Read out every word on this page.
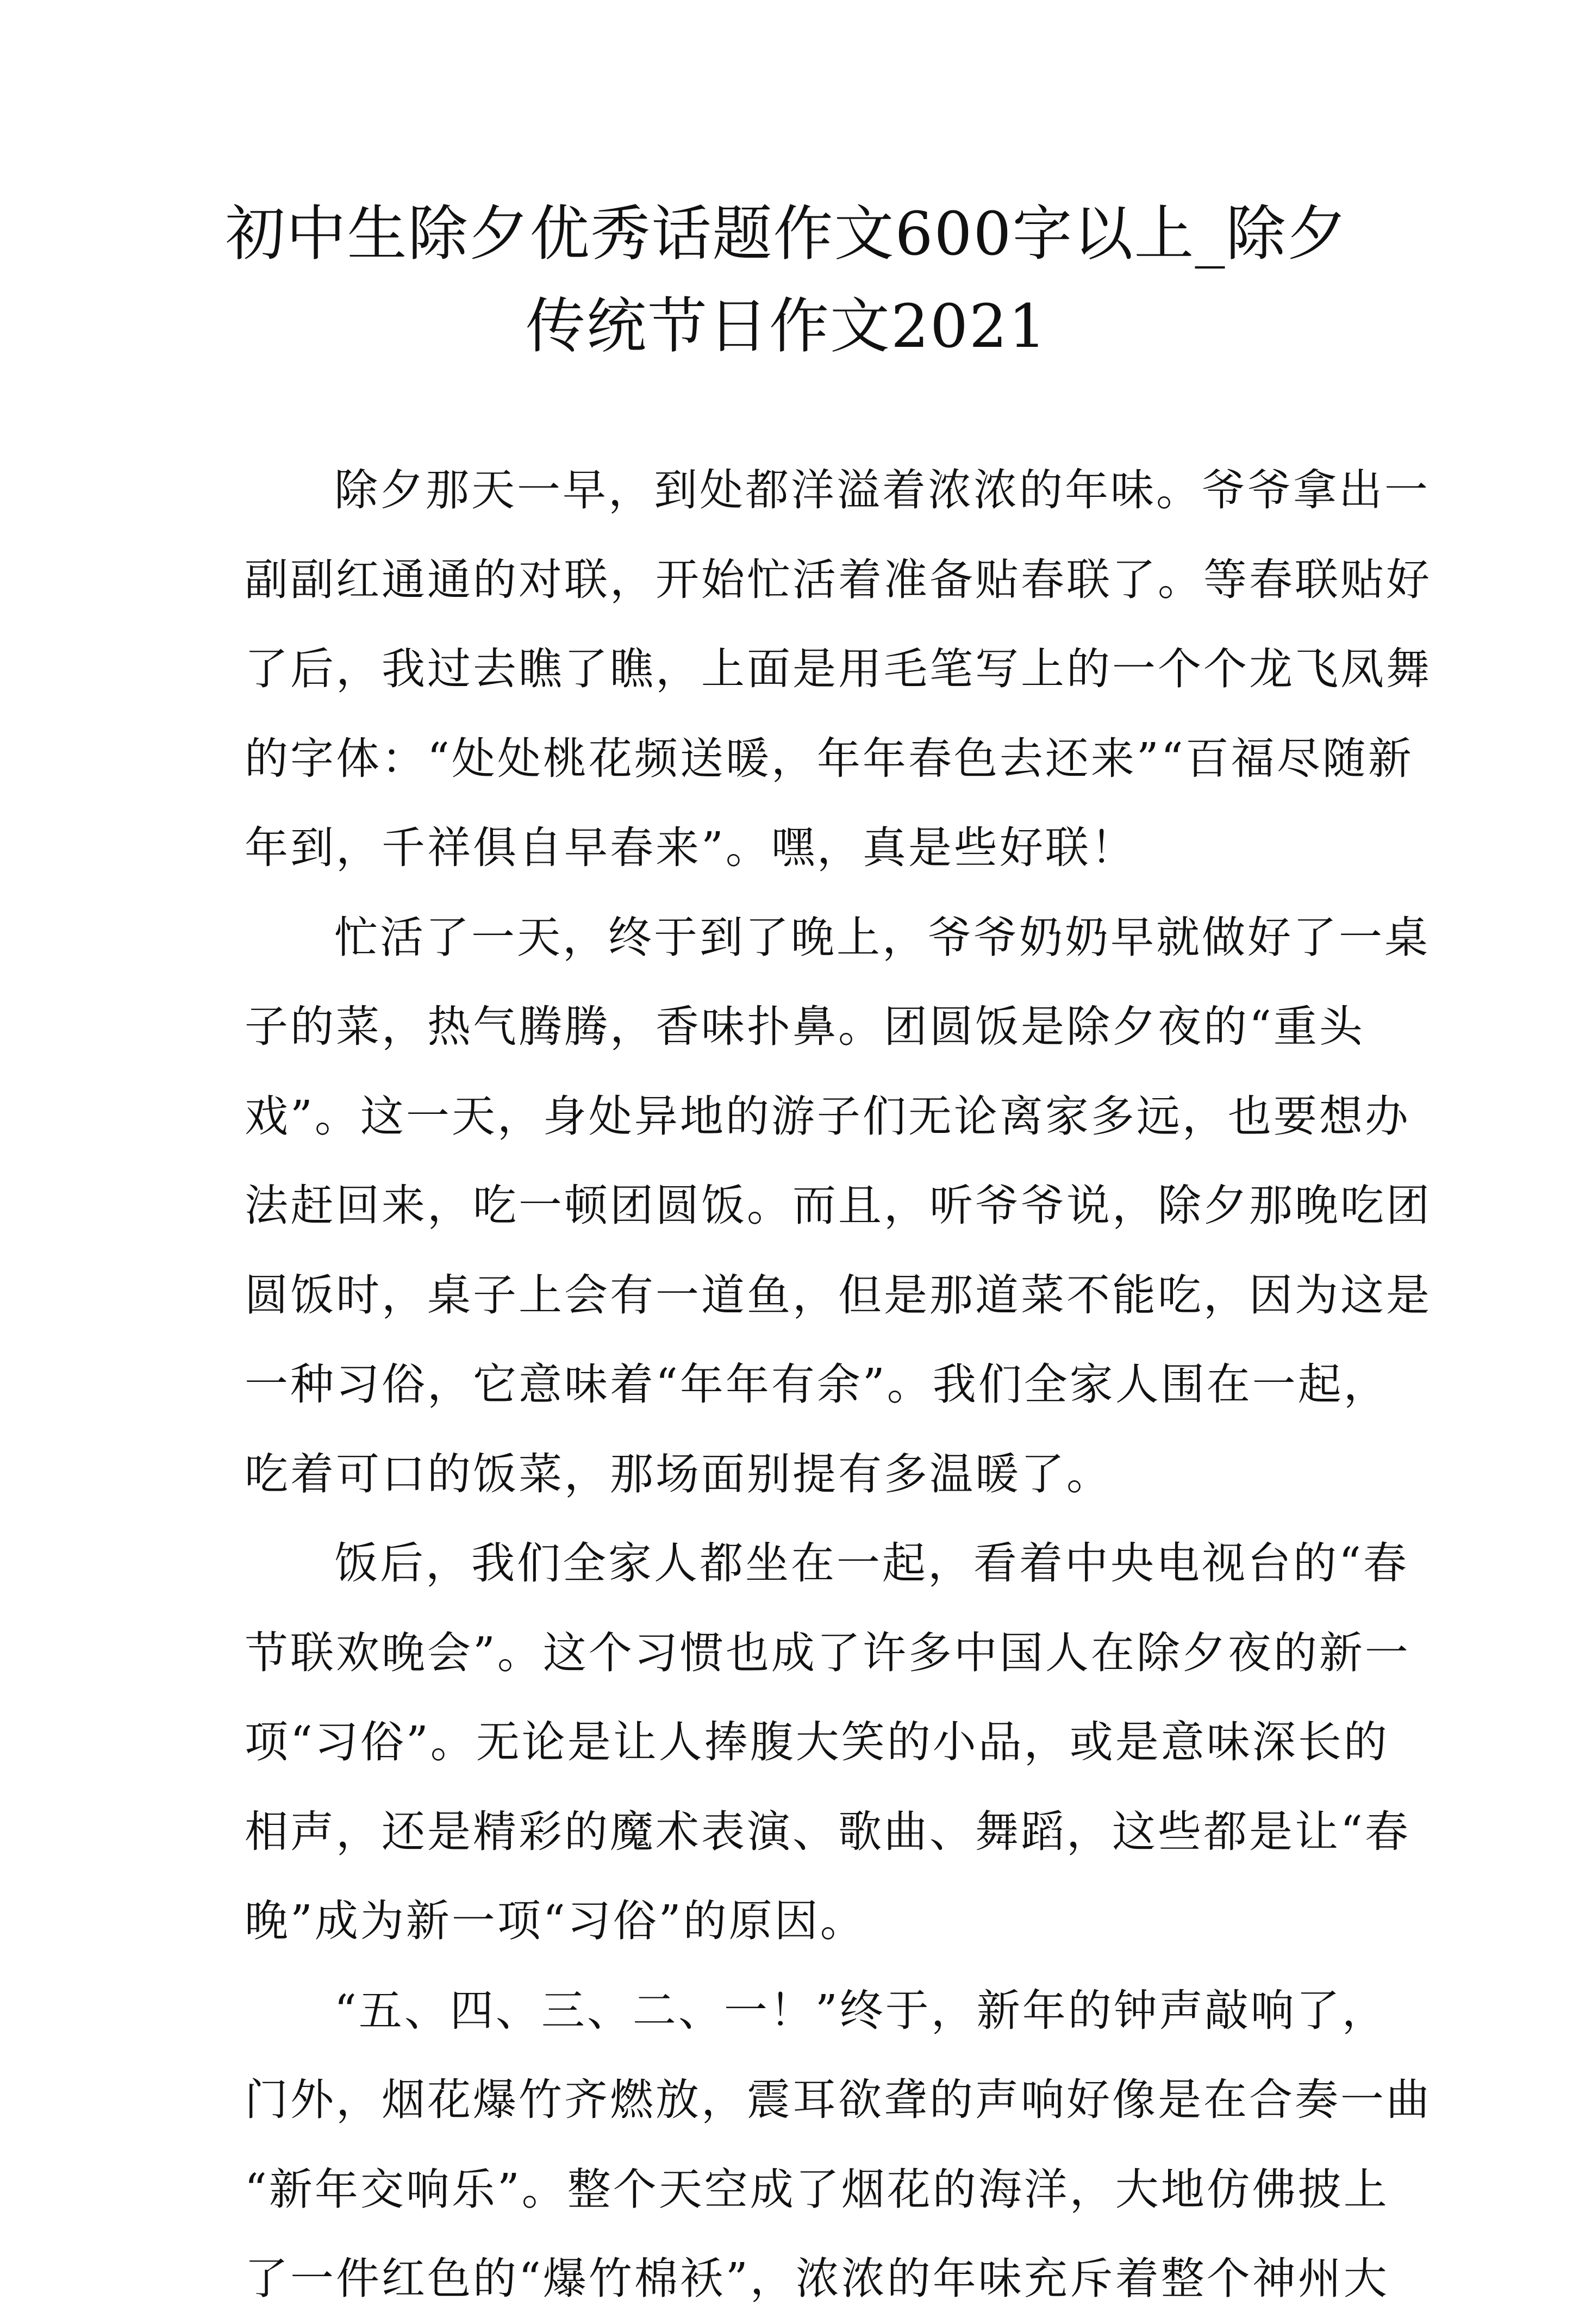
初中生除夕优秀话题作文600字以上_除夕
传统节日作文2021
除夕那天一早，到处都洋溢着浓浓的年味。爷爷拿出一
副副红通通的对联，开始忙活着准备贴春联了。等春联贴好
了后，我过去瞧了瞧，上面是用毛笔写上的一个个龙飞凤舞
的字体：“处处桃花频送暖，年年春色去还来”“百福尽随新
年到，千祥俱自早春来”。嘿，真是些好联！
忙活了一天，终于到了晚上，爷爷奶奶早就做好了一桌
子的菜，热气腾腾，香味扑鼻。团圆饭是除夕夜的“重头
戏”。这一天，身处异地的游子们无论离家多远，也要想办
法赶回来，吃一顿团圆饭。而且，听爷爷说，除夕那晚吃团
圆饭时，桌子上会有一道鱼，但是那道菜不能吃，因为这是
一种习俗，它意味着“年年有余”。我们全家人围在一起，
吃着可口的饭菜，那场面别提有多温暖了。
饭后，我们全家人都坐在一起，看着中央电视台的“春
节联欢晚会”。这个习惯也成了许多中国人在除夕夜的新一
项“习俗”。无论是让人捧腹大笑的小品，或是意味深长的
相声，还是精彩的魔术表演、歌曲、舞蹈，这些都是让“春
晚”成为新一项“习俗”的原因。
“五、四、三、二、一！”终于，新年的钟声敲响了，
门外，烟花爆竹齐燃放，震耳欲聋的声响好像是在合奏一曲
“新年交响乐”。整个天空成了烟花的海洋，大地仿佛披上
了一件红色的“爆竹棉袄”，浓浓的年味充斥着整个神州大
